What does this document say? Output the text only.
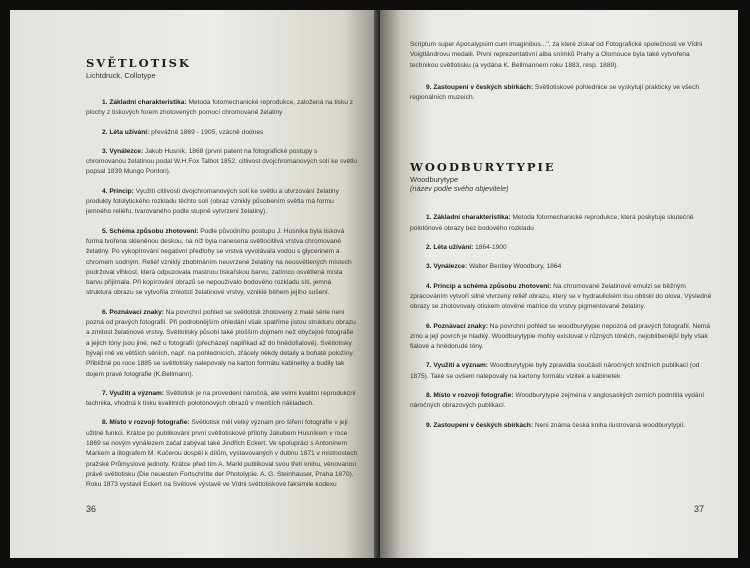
SVĚTLOTISK
Lichtdruck, Collotype

1. Základní charakteristika: Metoda fotomechanické reprodukce, založená na tisku z plochy z tiskových forem zhotovených pomocí chromované želatiny

2. Léta užívání: převážně 1869 - 1905, vzácně dodnes

3. Vynálezce: Jakub Husník, 1868 (první patent na fotografické postupy s chromovanou želatinou podal W.H.Fox Talbot 1852, citlivost dvojchromanových solí ke světlu popsal 1839 Mungo Ponton).

4. Princip: Využití citlivosti dvojchromanových solí ke světlu a utvrzování želatiny produkty fotolytického rozkladu těchto solí (obraz vzniklý působením světla má formu jemného reliéfu, tvarovaného podle stupně vytvrzení želatiny).

5. Schéma způsobu zhotovení: Podle původního postupu J. Husníka byla tisková forma tvořena skleněnou deskou, na níž byla nanesena světlocitlivá vrstva chromované želatiny. Po vykopírování negativní předlohy se vrstva vyvolávala vodou s glycerinem a chromem sodným. Reliéf vzniklý zbobtnáním neuvrzené želatiny na neosvětlených místech podržoval vlhkost, která odpuzovala mastnou tiskařskou barvu, zatímco osvětlená místa barvu přijímala. Při kopírování obrazů se nepoužívalo bodového rozkladu síti, jemná struktura obrazu se vytvořila zmiotstí želatinové vrstvy, vzniklé během jejího sušení.

6. Poznávací znaky: Na povrchní pohled se světlotisk zhotovený z malé série není pozná od pravých fotografií. Při podrobnějším ohledání však spatříme jistou strukturu obrazu a zmitost želatinové vrstvy. Světlotisky působí také plošším dojmem než obyčejné fotografie a jejich tóny jsou jiné, než u fotografií (přecházejí naplňkad až do hnědofialové). Světlotisky bývají rně ve větších sériích, např. na pohlednicích, zřácely někdy detaily a bohaté položíny. Přibližně po roce 1885 se světlotisky nalepovaly na karton formátu kabinetky a budily tak dojem pravé fotografie (K.Bellmann).

7. Využití a význam: Světlotisk je na provedení náročná, ale velmi kvalitní reprodukční technika, vhodná k tisku kvalitních polotónových obrazů v menších nákladech.

8. Místo v rozvoji fotografie: Světlotisk měl velký význam pro šíření fotografie v její užitné funkci. Krátce po publikování první světlotiskové přílohy Jakubem Husníkem v roce 1869 se novým vynálezem začal zabývat také Jindřich Eckert. Ve spolupráci s Antonínem Markem a litografem M. Kučerou dospěl k dílům, vystavovaných v dubnu 1871 v místnostech pražské Průmyslové jednoty. Krátce před tím A. Markl publikoval svou třetí knihu, věnovanou právě světlotisku (Die neuesten Fortschritte der Photolypie. A. G. Steinhauser, Praha 1870). Roku 1873 vystavil Eckert na Světové výstavě ve Vídni světlotiskové faksimile kodexu

36

Scriptum super Apocalypsim cum imaginibus...", za které získal od Fotografické společnosti ve Vídni Voigtländrovu medaili. První reprezentativní alba snímků Prahy a Olomouce byla také vytvořena technikou světlotisku (a vydána K. Bellmannem roku 1883, resp. 1889).

9. Zastoupení v českých sbírkách: Světlotiskové pohlednice se vyskytují prakticky ve všech regionálních muzeích.

WOODBURYTYPIE
Woodburytype
(název podle svého objevitele)

1. Základní charakteristika: Metoda fotomechanické reprodukce, která poskytuje skutečně polotónové obrazy bez bodového rozkladu

2. Léta užívání: 1864-1900

3. Vynálezce: Walter Bentley Woodbury, 1864

4. Princip a schéma způsobu zhotovení: Na chromované želatinové emulzi se běžným zpracováním vytvoří silně vtvrzený reliéf obrazu, který se v hydraulickém lisu obtiskl do olova. Výsledné obrazy se zhotovovaly otiskem olověné matrice do vrstvy pigmentované želatiny.

6. Poznávací znaky: Na povrchní pohled se woodburytypie nepozná od pravých fotografií. Nemá zrno a její povrch je hladký. Woodburytypie mohly existovat v různých tóněch, nejoblíbenější byly však fialové a hnědorudé tóny.

7. Využití a význam: Woodburytypie byly zpravidla součástí náročných knižních publikací (od 1875). Také se ovšem nalepovaly na kartony formátu vizitek a kabinetek

8. Místo v rozvoji fotografie: Woodburytypie zejména v anglosaských zemích podnítila vydání náročných obrazových publikací.

9. Zastoupení v českých sbírkách: Není známa česká kniha ilustrovaná woodburytypií.

37
